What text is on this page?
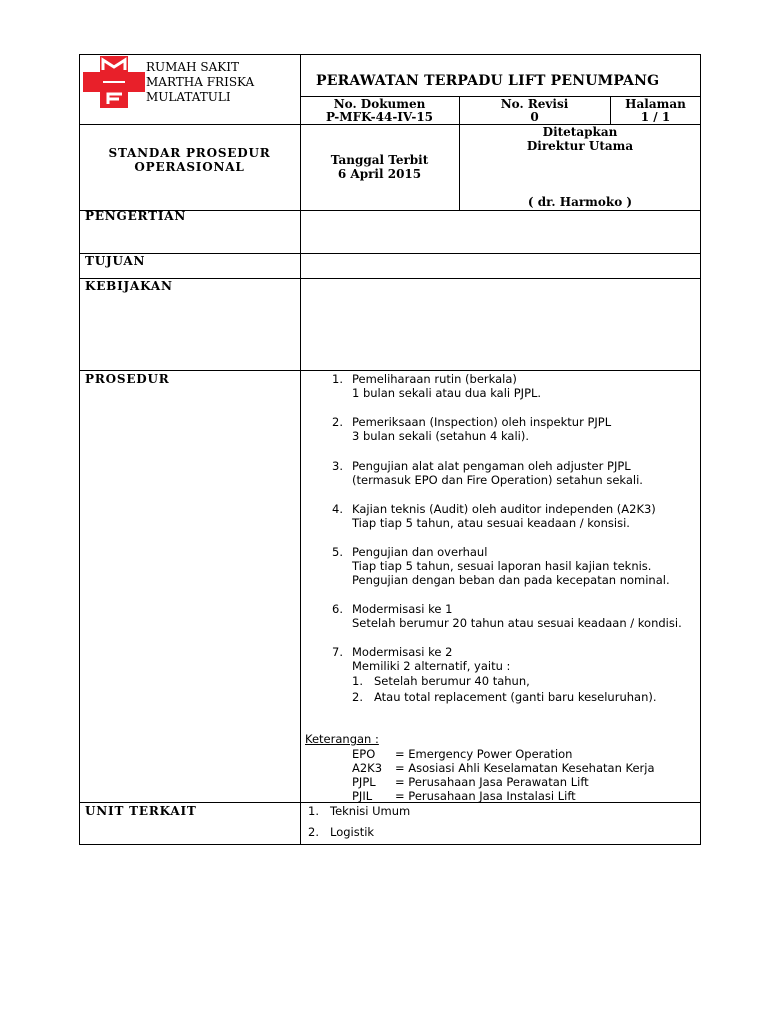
RUMAH SAKIT
MARTHA FRISKA
MULATATULI
PERAWATAN TERPADU LIFT PENUMPANG
No. Dokumen
P-MFK-44-IV-15
No. Revisi
0
Halaman
1 / 1
STANDAR PROSEDUR
OPERASIONAL	Tanggal Terbit
6 April 2015
Ditetapkan
Direktur Utama
( dr. Harmoko )
PENGERTIAN
TUJUAN
KEBIJAKAN
PROSEDUR
UNIT TERKAIT
1. Pemeliharaan rutin (berkala)
1 bulan sekali atau dua kali PJPL.
2. Pemeriksaan (Inspection) oleh inspektur PJPL
3 bulan sekali (setahun 4 kali).
3. Pengujian alat alat pengaman oleh adjuster PJPL
(termasuk EPO dan Fire Operation) setahun sekali.
4. Kajian teknis (Audit) oleh auditor independen (A2K3)
Tiap tiap 5 tahun, atau sesuai keadaan / konsisi.
5. Pengujian dan overhaul
Tiap tiap 5 tahun, sesuai laporan hasil kajian teknis.
Pengujian dengan beban dan pada kecepatan nominal.
6. Modermisasi ke 1
Setelah berumur 20 tahun atau sesuai keadaan / kondisi.
7. Modermisasi ke 2
Memiliki 2 alternatif, yaitu :
1. Setelah berumur 40 tahun,
2. Atau total replacement (ganti baru keseluruhan).
Keterangan :
EPO = Emergency Power Operation
A2K3 = Asosiasi Ahli Keselamatan Kesehatan Kerja
PJPL = Perusahaan Jasa Perawatan Lift
PJIL = Perusahaan Jasa Instalasi Lift
1. Teknisi Umum
2. Logistik
